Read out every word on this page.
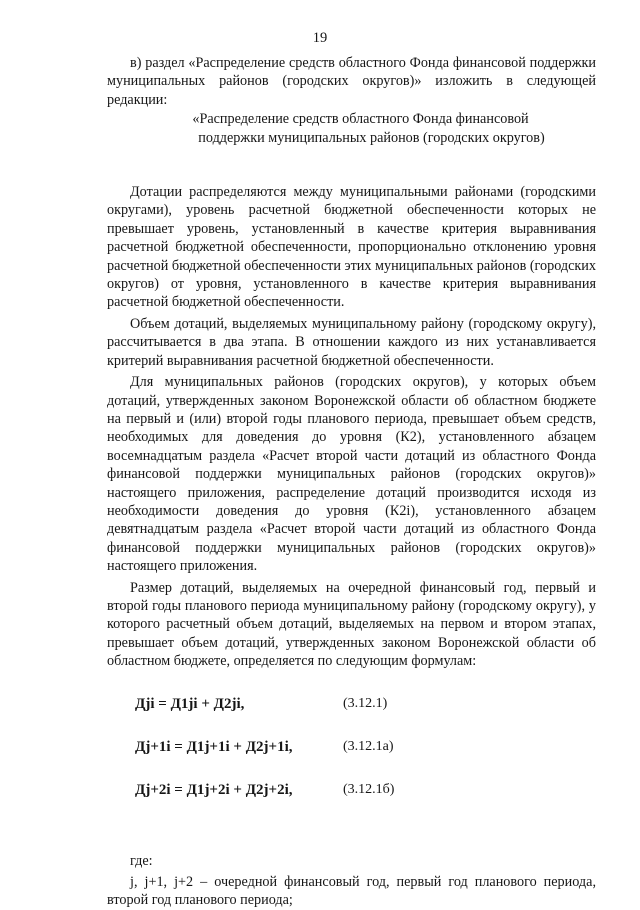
19

в) раздел «Распределение средств областного Фонда финансовой поддержки муниципальных районов (городских округов)» изложить в следующей редакции:

«Распределение средств областного Фонда финансовой

поддержки муниципальных районов (городских округов)

Дотации распределяются между муниципальными районами (городскими округами), уровень расчетной бюджетной обеспеченности которых не превышает уровень, установленный в качестве критерия выравнивания расчетной бюджетной обеспеченности, пропорционально отклонению уровня расчетной бюджетной обеспеченности этих муниципальных районов (городских округов) от уровня, установленного в качестве критерия выравнивания расчетной бюджетной обеспеченности.

Объем дотаций, выделяемых муниципальному району (городскому округу), рассчитывается в два этапа. В отношении каждого из них устанавливается критерий выравнивания расчетной бюджетной обеспеченности.

Для муниципальных районов (городских округов), у которых объем дотаций, утвержденных законом Воронежской области об областном бюджете на первый и (или) второй годы планового периода, превышает объем средств, необходимых для доведения до уровня (К2), установленного абзацем восемнадцатым раздела «Расчет второй части дотаций из областного Фонда финансовой поддержки муниципальных районов (городских округов)» настоящего приложения, распределение дотаций производится исходя из необходимости доведения до уровня (К2i), установленного абзацем девятнадцатым раздела «Расчет второй части дотаций из областного Фонда финансовой поддержки муниципальных районов (городских округов)» настоящего приложения.

Размер дотаций, выделяемых на очередной финансовый год, первый и второй годы планового периода муниципальному району (городскому округу), у которого расчетный объем дотаций, выделяемых на первом и втором этапах, превышает объем дотаций, утвержденных законом Воронежской области об областном бюджете, определяется по следующим формулам:

Дji = Д1ji + Д2ji,	(3.12.1)
Дj+1i = Д1j+1i + Д2j+1i,	(3.12.1а)
Дj+2i = Д1j+2i + Д2j+2i,	(3.12.1б)

где:

j, j+1, j+2 – очередной финансовый год, первый год планового периода, второй год планового периода;
